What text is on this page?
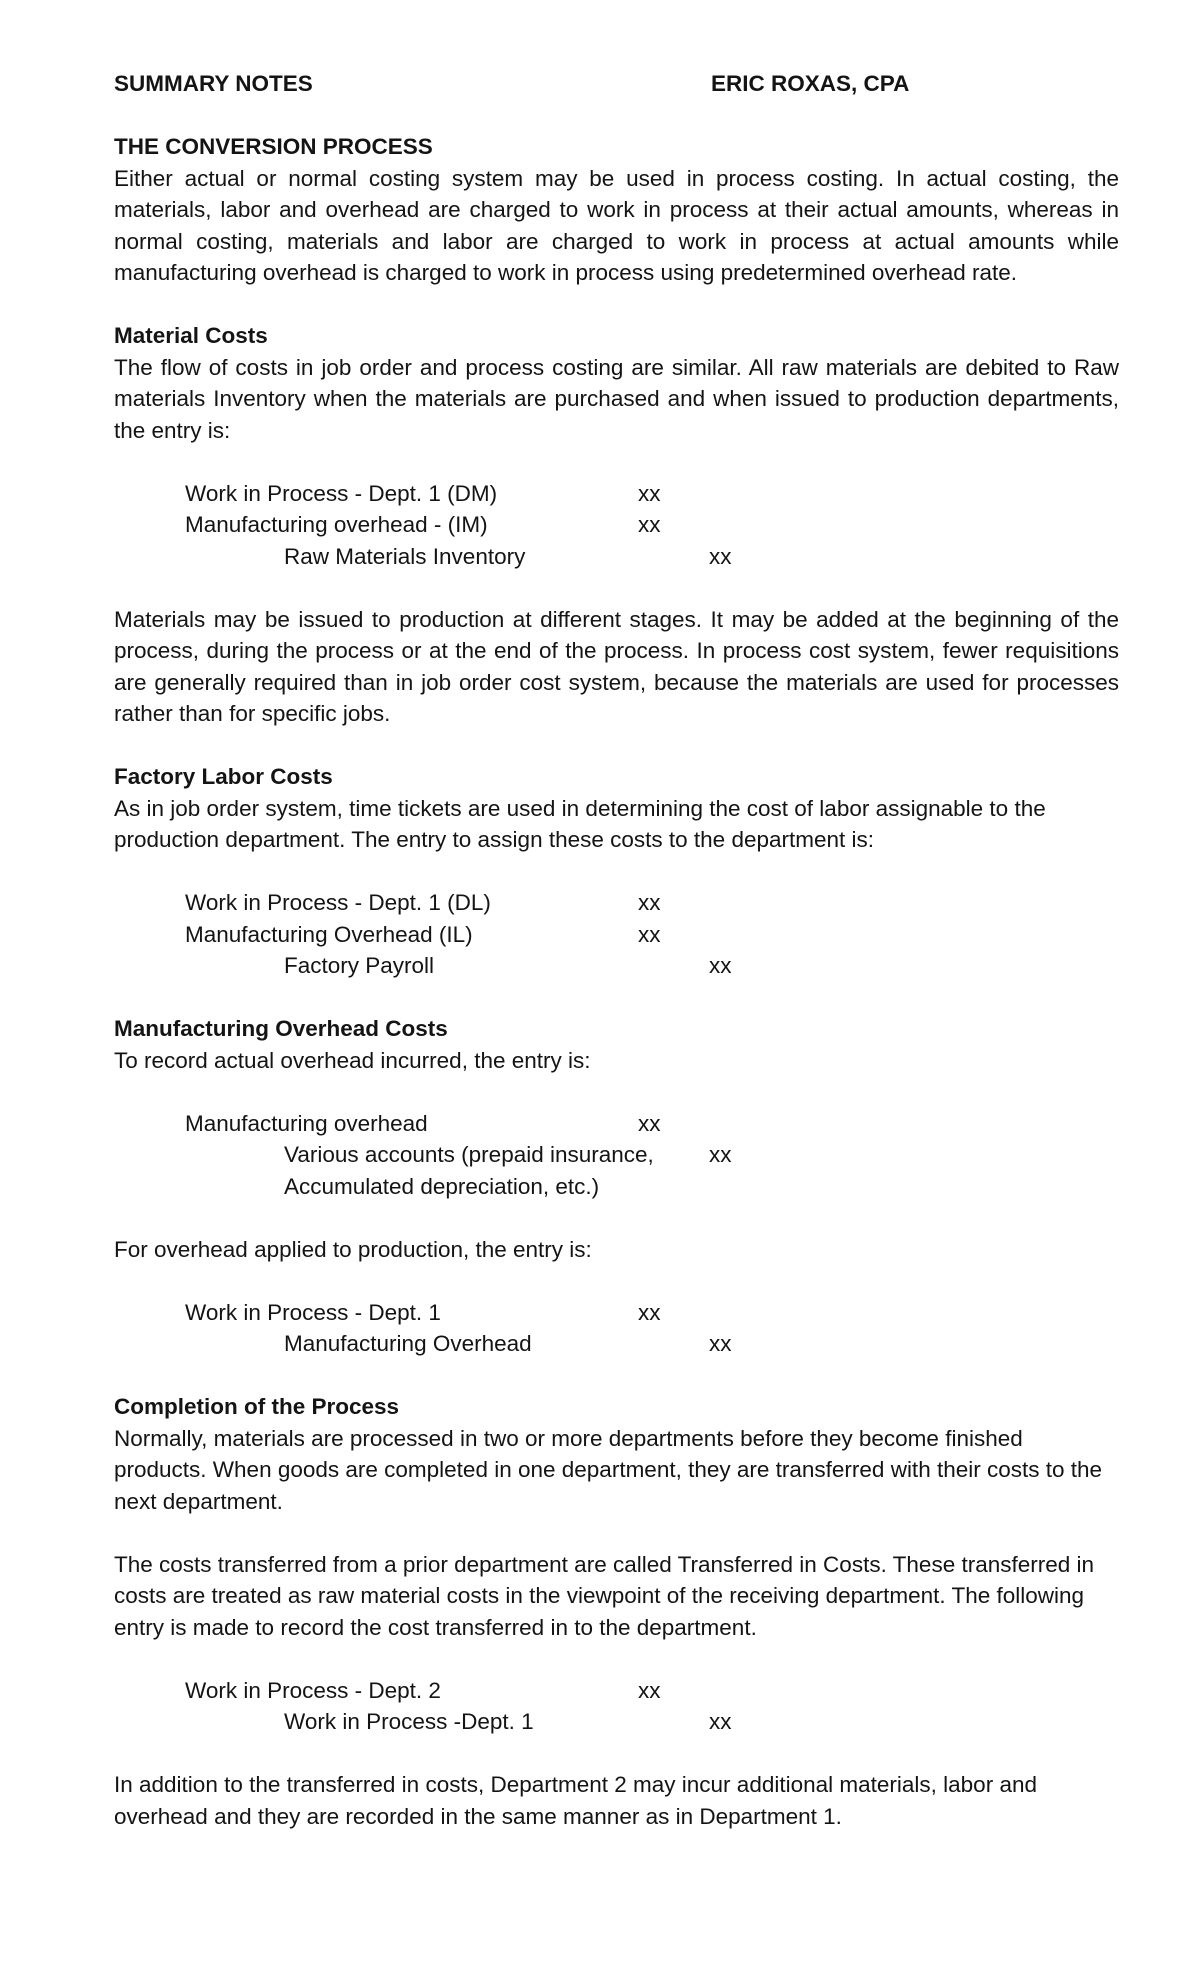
SUMMARY NOTES	ERIC ROXAS, CPA
THE CONVERSION PROCESS

Either actual or normal costing system may be used in process costing. In actual costing, the materials, labor and overhead are charged to work in process at their actual amounts, whereas in normal costing, materials and labor are charged to work in process at actual amounts while manufacturing overhead is charged to work in process using predetermined overhead rate.

Material Costs

The flow of costs in job order and process costing are similar. All raw materials are debited to Raw materials Inventory when the materials are purchased and when issued to production departments, the entry is:

Work in Process - Dept. 1 (DM)	xx
Manufacturing overhead - (IM)	xx
Raw Materials Inventory	xx

Materials may be issued to production at different stages. It may be added at the beginning of the process, during the process or at the end of the process. In process cost system, fewer requisitions are generally required than in job order cost system, because the materials are used for processes rather than for specific jobs.

Factory Labor Costs

As in job order system, time tickets are used in determining the cost of labor assignable to the production department. The entry to assign these costs to the department is:

Work in Process - Dept. 1 (DL)	xx
Manufacturing Overhead (IL)	xx
Factory Payroll	xx
Manufacturing Overhead Costs

To record actual overhead incurred, the entry is:

Manufacturing overhead	xx
Various accounts (prepaid insurance, xx
Accumulated depreciation, etc.)

For overhead applied to production, the entry is:

Work in Process - Dept. 1	xx
Manufacturing Overhead	xx
Completion of the Process

Normally, materials are processed in two or more departments before they become finished products. When goods are completed in one department, they are transferred with their costs to the next department.

The costs transferred from a prior department are called Transferred in Costs. These transferred in costs are treated as raw material costs in the viewpoint of the receiving department. The following entry is made to record the cost transferred in to the department.

Work in Process - Dept. 2	xx
Work in Process -Dept. 1	xx

In addition to the transferred in costs, Department 2 may incur additional materials, labor and overhead and they are recorded in the same manner as in Department 1.
